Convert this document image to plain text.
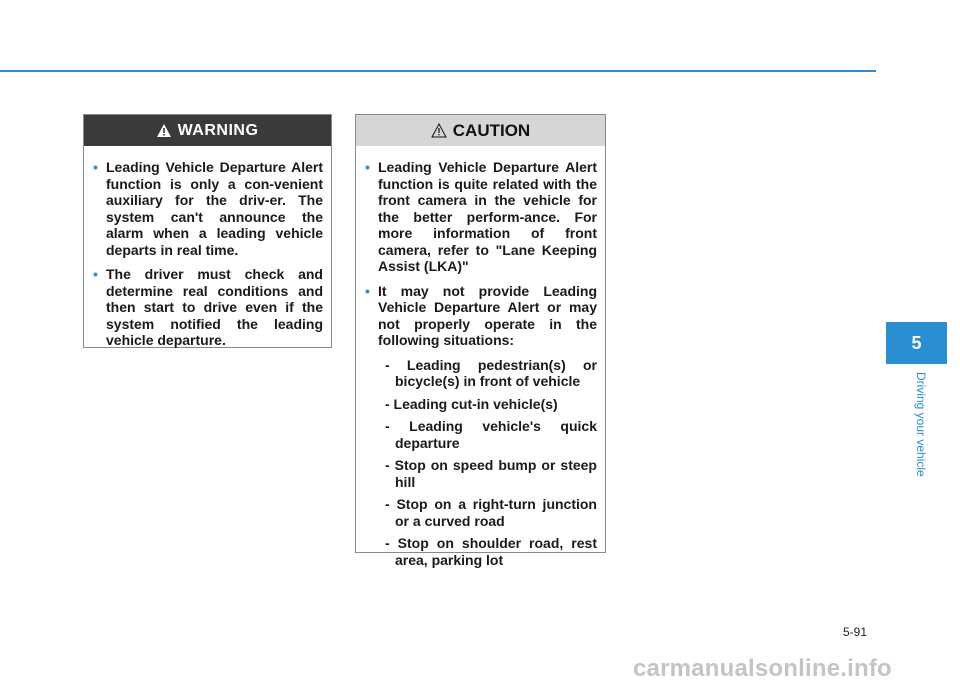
WARNING
• Leading Vehicle Departure Alert function is only a con-venient auxiliary for the driv-er. The system can't announce the alarm when a leading vehicle departs in real time.
• The driver must check and determine real conditions and then start to drive even if the system notified the leading vehicle departure.
CAUTION
• Leading Vehicle Departure Alert function is quite related with the front camera in the vehicle for the better perform-ance. For more information of front camera, refer to "Lane Keeping Assist (LKA)"
• It may not provide Leading Vehicle Departure Alert or may not properly operate in the following situations:
- Leading pedestrian(s) or bicycle(s) in front of vehicle
- Leading cut-in vehicle(s)
- Leading vehicle's quick departure
- Stop on speed bump or steep hill
- Stop on a right-turn junction or a curved road
- Stop on shoulder road, rest area, parking lot
5
Driving your vehicle
5-91
carmanualsonline.info
